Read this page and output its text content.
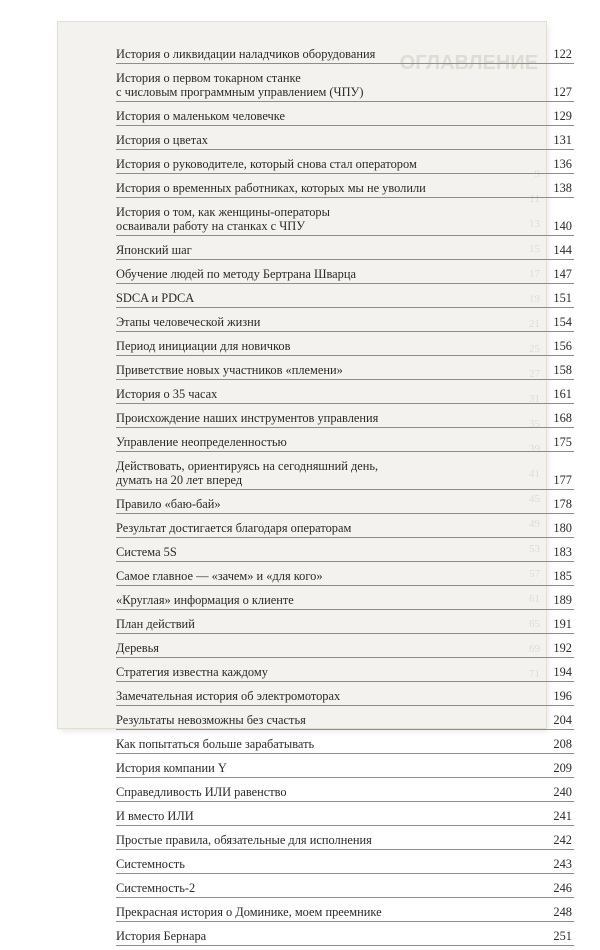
ОГЛАВЛЕНИЕ
9
11
13
15
17
19
21
25
27
31
35
39
41
45
49
53
57
61
65
69
71
История о ликвидации наладчиков оборудования	122
История о первом токарном станке
с числовым программным управлением (ЧПУ)	127
История о маленьком человечке	129
История о цветах	131
История о руководителе, который снова стал оператором	136
История о временных работниках, которых мы не уволили	138
История о том, как женщины-операторы
осваивали работу на станках с ЧПУ	140
Японский шаг	144
Обучение людей по методу Бертрана Шварца	147
SDCA и PDCA	151
Этапы человеческой жизни	154
Период инициации для новичков	156
Приветствие новых участников «племени»	158
История о 35 часах	161
Происхождение наших инструментов управления	168
Управление неопределенностью	175
Действовать, ориентируясь на сегодняшний день,
думать на 20 лет вперед	177
Правило «баю-бай»	178
Результат достигается благодаря операторам	180
Система 5S	183
Самое главное — «зачем» и «для кого»	185
«Круглая» информация о клиенте	189
План действий	191
Деревья	192
Стратегия известна каждому	194
Замечательная история об электромоторах	196
Результаты невозможны без счастья	204
Как попытаться больше зарабатывать	208
История компании Y	209
Справедливость ИЛИ равенство	240
И вместо ИЛИ	241
Простые правила, обязательные для исполнения	242
Системность	243
Системность-2	246
Прекрасная история о Доминике, моем преемнике	248
История Бернара	251
